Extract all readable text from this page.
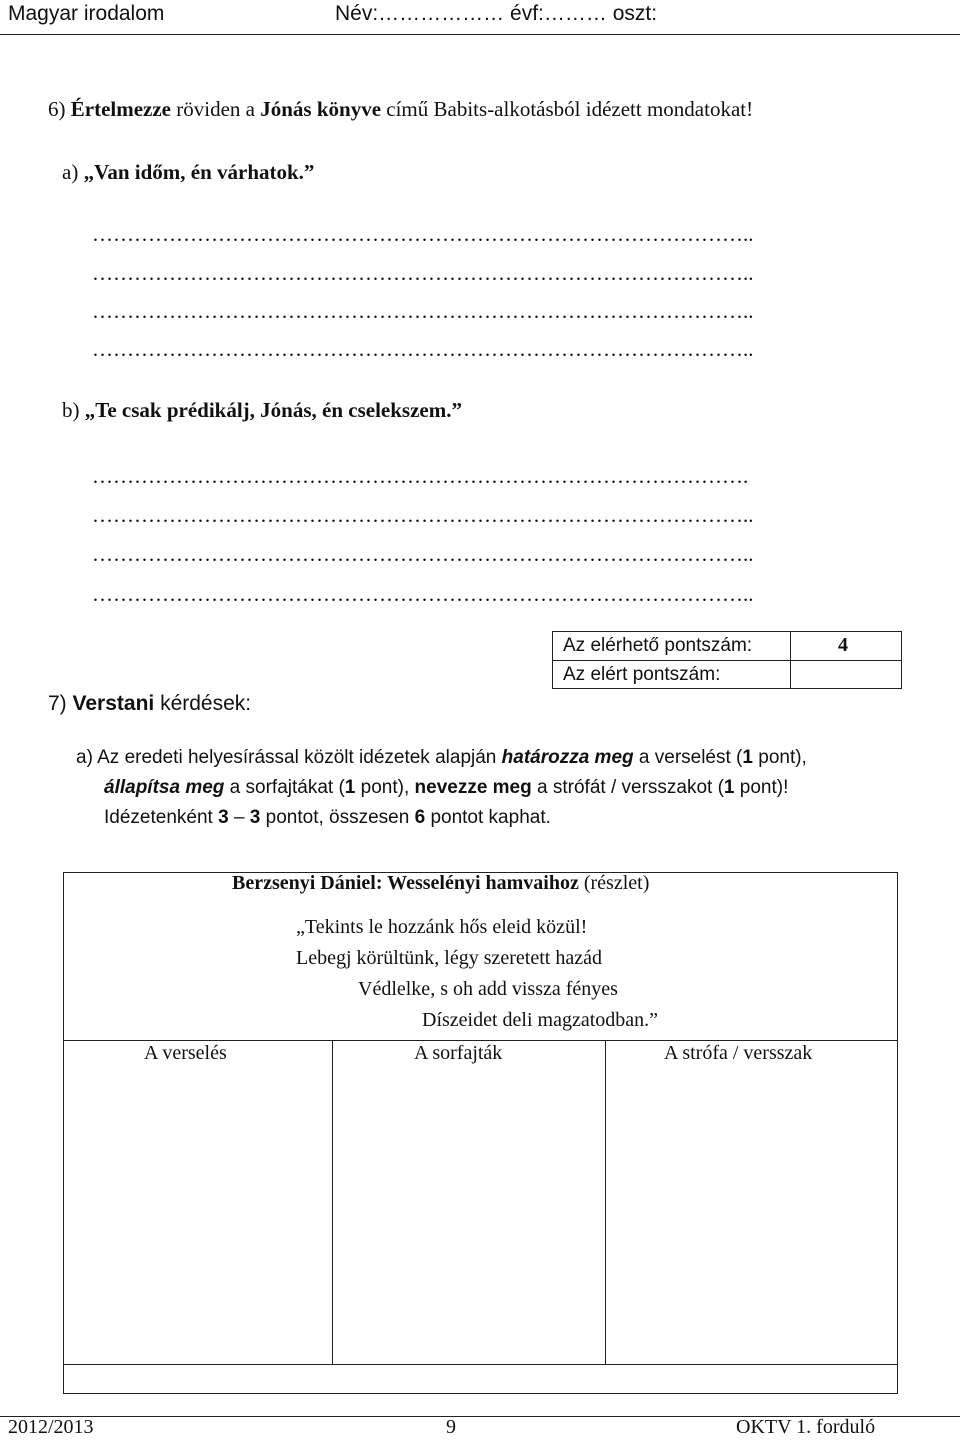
Magyar irodalom	Név:……………… évf:……… oszt:
6) Értelmezze röviden a Jónás könyve című Babits-alkotásból idézett mondatokat!
a) „Van időm, én várhatok.”
…………………………………………………………………………………..
…………………………………………………………………………………..
…………………………………………………………………………………..
…………………………………………………………………………………..
b) „Te csak prédikálj, Jónás, én cselekszem.”
………………………………………………………………………………….
…………………………………………………………………………………..
…………………………………………………………………………………..
…………………………………………………………………………………..
Az elérhető pontszám:	4
Az elért pontszám:
7) Verstani kérdések:
a) Az eredeti helyesírással közölt idézetek alapján határozza meg a verselést (1 pont),
állapítsa meg a sorfajtákat (1 pont), nevezze meg a strófát / versszakot (1 pont)!
Idézetenként 3 – 3 pontot, összesen 6 pontot kaphat.
Berzsenyi Dániel: Wesselényi hamvaihoz (részlet)
„Tekints le hozzánk hős eleid közül!
Lebegj körültünk, légy szeretett hazád
Védlelke, s oh add vissza fényes
Díszeidet deli magzatodban.”
A verselés	A sorfajták	A strófa / versszak
2012/2013	9	OKTV 1. forduló
